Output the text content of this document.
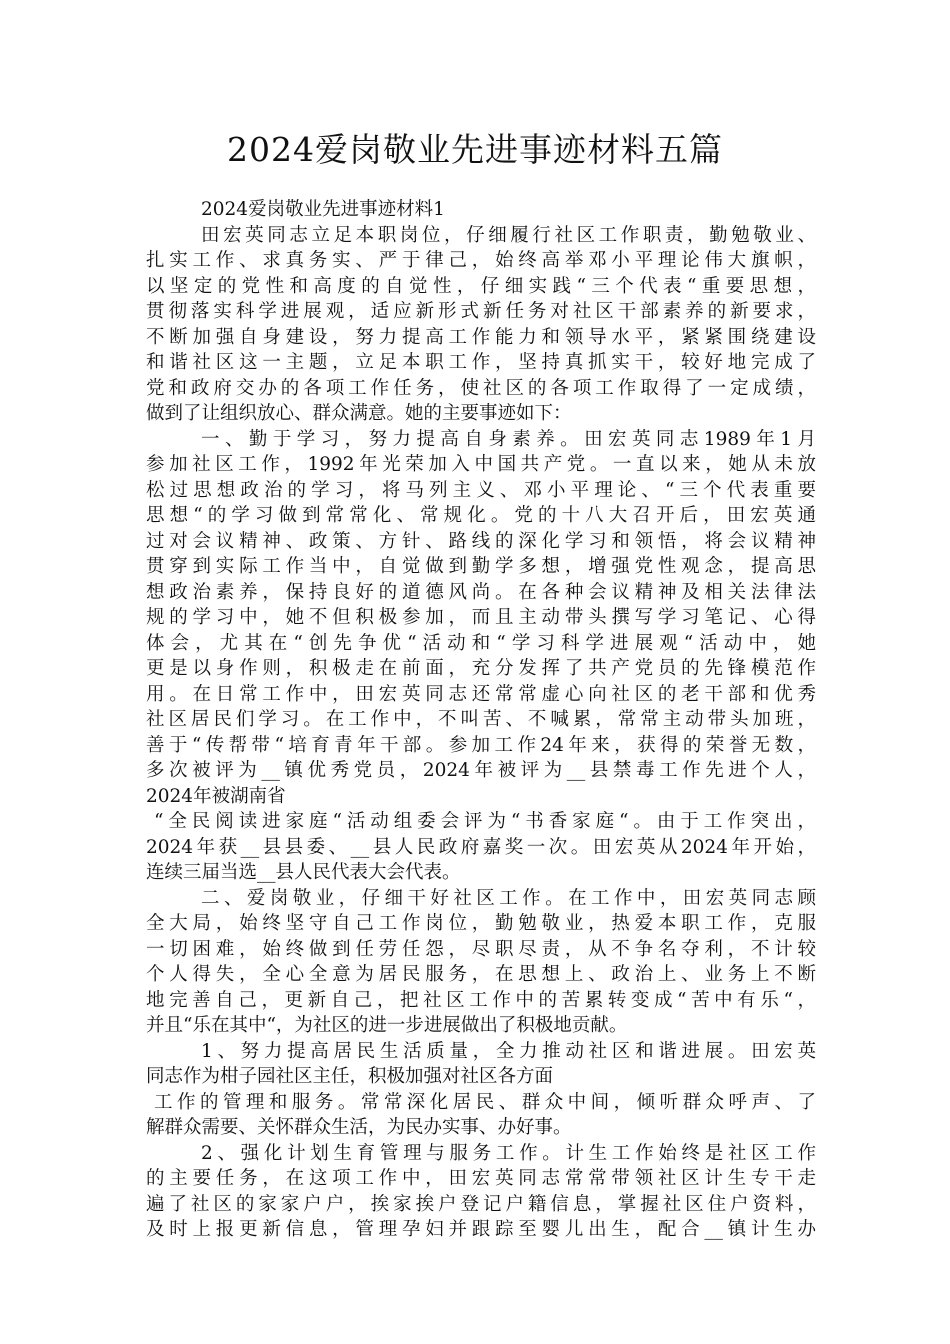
2024爱岗敬业先进事迹材料五篇
2024爱岗敬业先进事迹材料1
田宏英同志立足本职岗位，仔细履行社区工作职责，勤勉敬业、
扎实工作、求真务实、严于律己，始终高举邓小平理论伟大旗帜，
以坚定的党性和高度的自觉性，仔细实践“三个代表“重要思想，
贯彻落实科学进展观，适应新形式新任务对社区干部素养的新要求，
不断加强自身建设，努力提高工作能力和领导水平，紧紧围绕建设
和谐社区这一主题，立足本职工作，坚持真抓实干，较好地完成了
党和政府交办的各项工作任务，使社区的各项工作取得了一定成绩，
做到了让组织放心、群众满意。她的主要事迹如下：
一、勤于学习，努力提高自身素养。田宏英同志1989年1月
参加社区工作，1992年光荣加入中国共产党。一直以来，她从未放
松过思想政治的学习，将马列主义、邓小平理论、“三个代表重要
思想“的学习做到常常化、常规化。党的十八大召开后，田宏英通
过对会议精神、政策、方针、路线的深化学习和领悟，将会议精神
贯穿到实际工作当中，自觉做到勤学多想，增强党性观念，提高思
想政治素养，保持良好的道德风尚。在各种会议精神及相关法律法
规的学习中，她不但积极参加，而且主动带头撰写学习笔记、心得
体会，尤其在“创先争优“活动和“学习科学进展观“活动中，她
更是以身作则，积极走在前面，充分发挥了共产党员的先锋模范作
用。在日常工作中，田宏英同志还常常虚心向社区的老干部和优秀
社区居民们学习。在工作中，不叫苦、不喊累，常常主动带头加班，
善于“传帮带“培育青年干部。参加工作24年来，获得的荣誉无数，
多次被评为__镇优秀党员，2024年被评为__县禁毒工作先进个人，
2024年被湖南省
“全民阅读进家庭“活动组委会评为“书香家庭“。由于工作突出，
2024年获__县县委、__县人民政府嘉奖一次。田宏英从2024年开始，
连续三届当选__县人民代表大会代表。
二、爱岗敬业，仔细干好社区工作。在工作中，田宏英同志顾
全大局，始终坚守自己工作岗位，勤勉敬业，热爱本职工作，克服
一切困难，始终做到任劳任怨，尽职尽责，从不争名夺利，不计较
个人得失，全心全意为居民服务，在思想上、政治上、业务上不断
地完善自己，更新自己，把社区工作中的苦累转变成“苦中有乐“，
并且“乐在其中“，为社区的进一步进展做出了积极地贡献。
1、努力提高居民生活质量，全力推动社区和谐进展。田宏英
同志作为柑子园社区主任，积极加强对社区各方面
工作的管理和服务。常常深化居民、群众中间，倾听群众呼声、了
解群众需要、关怀群众生活，为民办实事、办好事。
2、强化计划生育管理与服务工作。计生工作始终是社区工作
的主要任务，在这项工作中，田宏英同志常常带领社区计生专干走
遍了社区的家家户户，挨家挨户登记户籍信息，掌握社区住户资料，
及时上报更新信息，管理孕妇并跟踪至婴儿出生，配合__镇计生办
